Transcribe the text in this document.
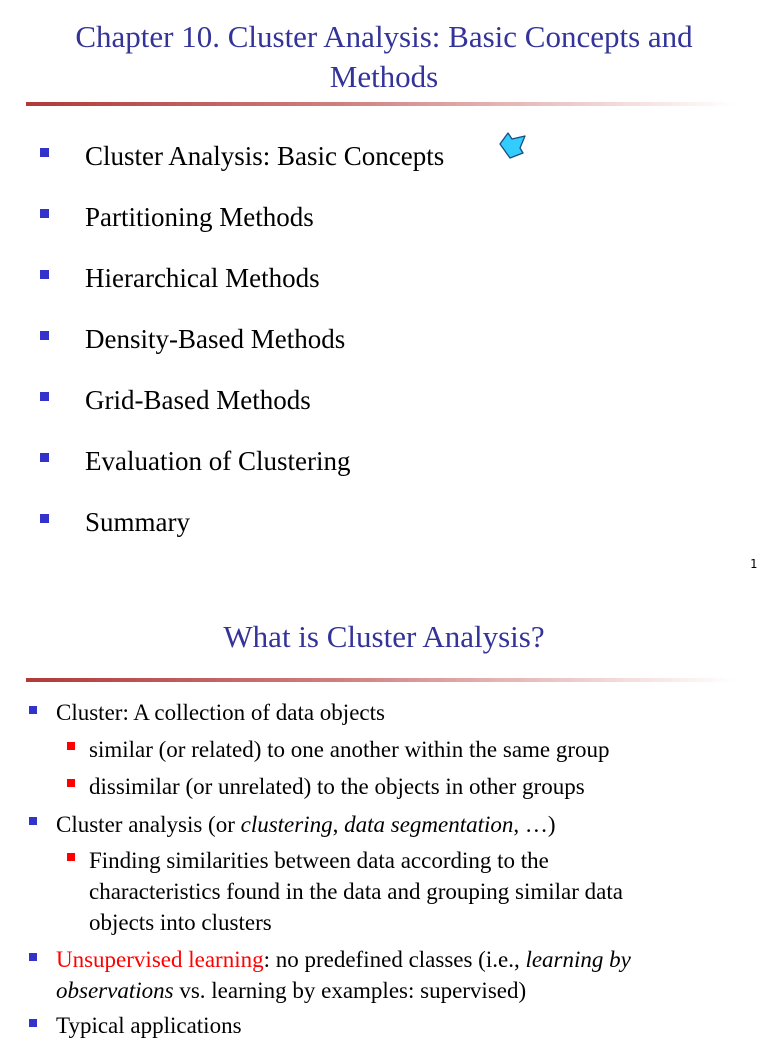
Chapter 10. Cluster Analysis: Basic Concepts and
Methods
Cluster Analysis: Basic Concepts
Partitioning Methods
Hierarchical Methods
Density-Based Methods
Grid-Based Methods
Evaluation of Clustering
Summary
1
What is Cluster Analysis?
Cluster: A collection of data objects
similar (or related) to one another within the same group
dissimilar (or unrelated) to the objects in other groups
Cluster analysis (or clustering, data segmentation, …)
Finding similarities between data according to the
characteristics found in the data and grouping similar data
objects into clusters
Unsupervised learning: no predefined classes (i.e., learning by
observations vs. learning by examples: supervised)
Typical applications
